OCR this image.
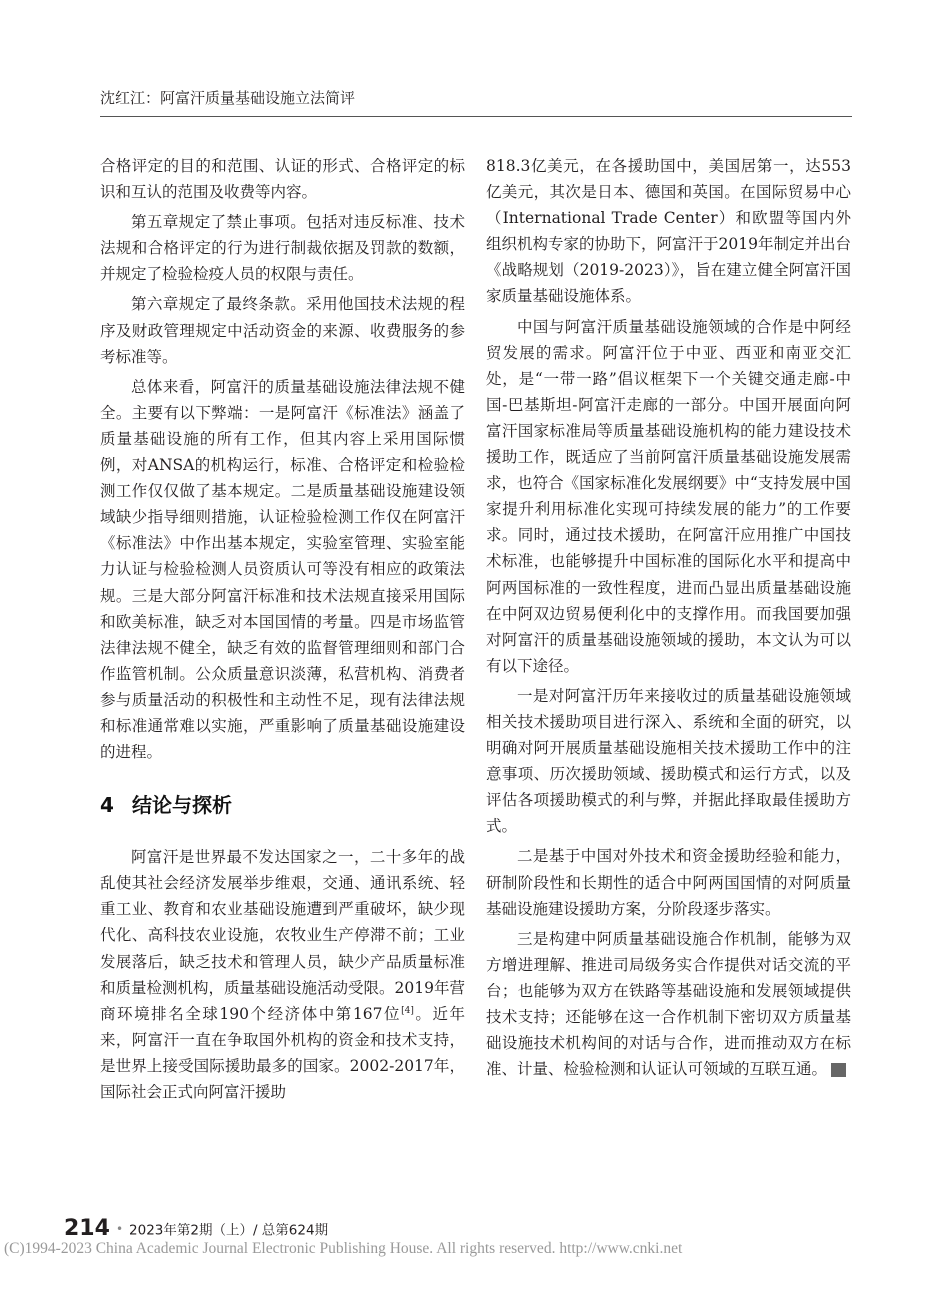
沈红江：阿富汗质量基础设施立法简评

合格评定的目的和范围、认证的形式、合格评定的标识和互认的范围及收费等内容。

第五章规定了禁止事项。包括对违反标准、技术法规和合格评定的行为进行制裁依据及罚款的数额，并规定了检验检疫人员的权限与责任。

第六章规定了最终条款。采用他国技术法规的程序及财政管理规定中活动资金的来源、收费服务的参考标准等。

总体来看，阿富汗的质量基础设施法律法规不健全。主要有以下弊端：一是阿富汗《标准法》涵盖了质量基础设施的所有工作，但其内容上采用国际惯例，对ANSA的机构运行，标准、合格评定和检验检测工作仅仅做了基本规定。二是质量基础设施建设领域缺少指导细则措施，认证检验检测工作仅在阿富汗《标准法》中作出基本规定，实验室管理、实验室能力认证与检验检测人员资质认可等没有相应的政策法规。三是大部分阿富汗标准和技术法规直接采用国际和欧美标准，缺乏对本国国情的考量。四是市场监管法律法规不健全，缺乏有效的监督管理细则和部门合作监管机制。公众质量意识淡薄，私营机构、消费者参与质量活动的积极性和主动性不足，现有法律法规和标准通常难以实施，严重影响了质量基础设施建设的进程。

4 结论与探析

阿富汗是世界最不发达国家之一，二十多年的战乱使其社会经济发展举步维艰，交通、通讯系统、轻重工业、教育和农业基础设施遭到严重破坏，缺少现代化、高科技农业设施，农牧业生产停滞不前；工业发展落后，缺乏技术和管理人员，缺少产品质量标准和质量检测机构，质量基础设施活动受限。2019年营商环境排名全球190个经济体中第167位[4]。近年来，阿富汗一直在争取国外机构的资金和技术支持，是世界上接受国际援助最多的国家。2002-2017年，国际社会正式向阿富汗援助

818.3亿美元，在各援助国中，美国居第一，达553亿美元，其次是日本、德国和英国。在国际贸易中心（International Trade Center）和欧盟等国内外组织机构专家的协助下，阿富汗于2019年制定并出台《战略规划（2019-2023）》，旨在建立健全阿富汗国家质量基础设施体系。

中国与阿富汗质量基础设施领域的合作是中阿经贸发展的需求。阿富汗位于中亚、西亚和南亚交汇处，是“一带一路”倡议框架下一个关键交通走廊-中国-巴基斯坦-阿富汗走廊的一部分。中国开展面向阿富汗国家标准局等质量基础设施机构的能力建设技术援助工作，既适应了当前阿富汗质量基础设施发展需求，也符合《国家标准化发展纲要》中“支持发展中国家提升利用标准化实现可持续发展的能力”的工作要求。同时，通过技术援助，在阿富汗应用推广中国技术标准，也能够提升中国标准的国际化水平和提高中阿两国标准的一致性程度，进而凸显出质量基础设施在中阿双边贸易便利化中的支撑作用。而我国要加强对阿富汗的质量基础设施领域的援助，本文认为可以有以下途径。

一是对阿富汗历年来接收过的质量基础设施领域相关技术援助项目进行深入、系统和全面的研究，以明确对阿开展质量基础设施相关技术援助工作中的注意事项、历次援助领域、援助模式和运行方式，以及评估各项援助模式的利与弊，并据此择取最佳援助方式。

二是基于中国对外技术和资金援助经验和能力，研制阶段性和长期性的适合中阿两国国情的对阿质量基础设施建设援助方案，分阶段逐步落实。

三是构建中阿质量基础设施合作机制，能够为双方增进理解、推进司局级务实合作提供对话交流的平台；也能够为双方在铁路等基础设施和发展领域提供技术支持；还能够在这一合作机制下密切双方质量基础设施技术机构间的对话与合作，进而推动双方在标准、计量、检验检测和认证认可领域的互联互通。	◪

214 • 2023年第2期（上）/ 总第624期
(C)1994-2023 China Academic Journal Electronic Publishing House. All rights reserved. http://www.cnki.net
